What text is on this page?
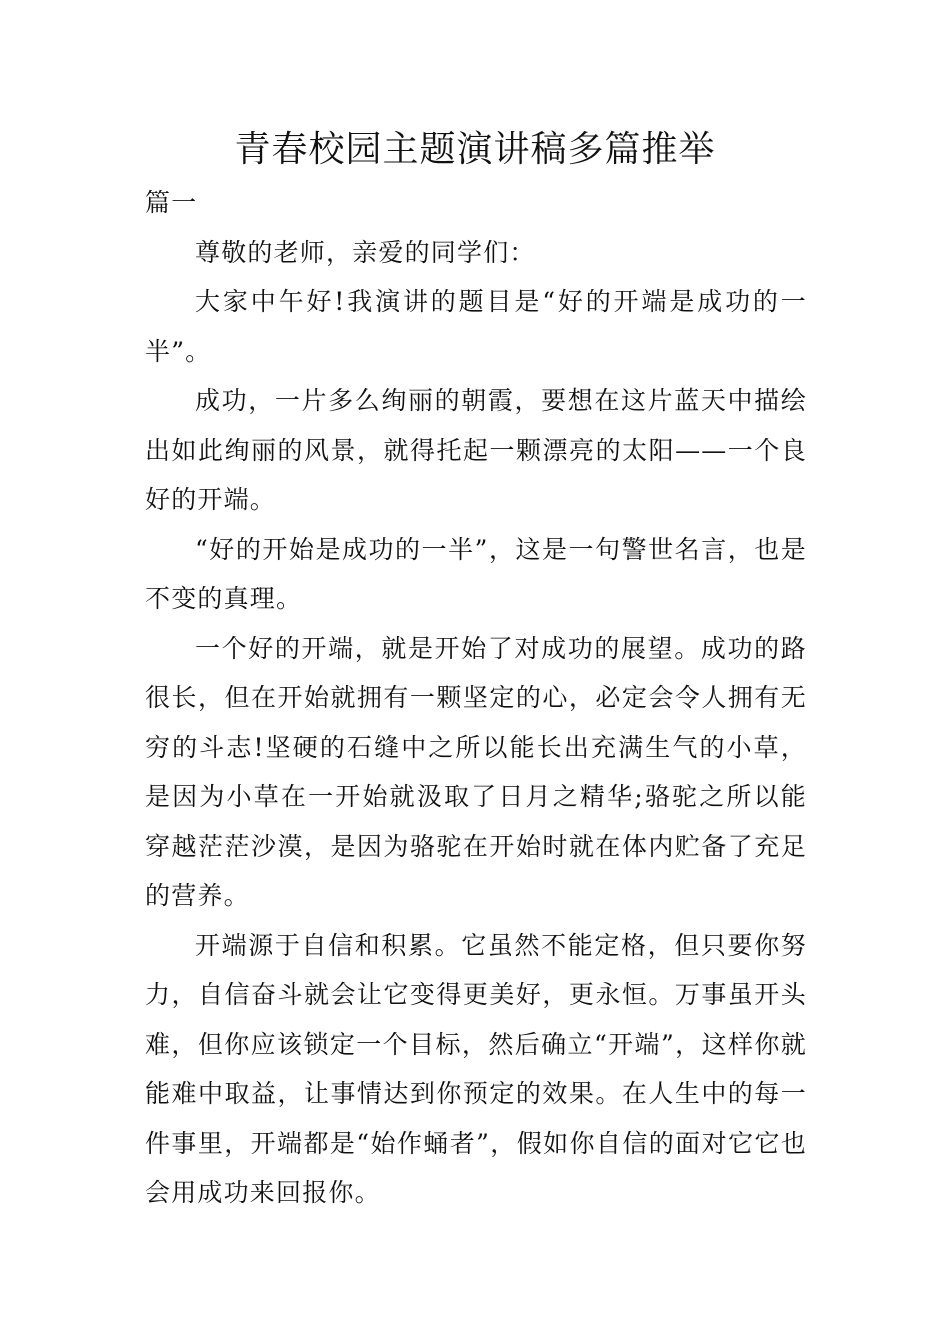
青春校园主题演讲稿多篇推举

篇一

尊敬的老师，亲爱的同学们：

大家中午好!我演讲的题目是“好的开端是成功的一半”。

成功，一片多么绚丽的朝霞，要想在这片蓝天中描绘出如此绚丽的风景，就得托起一颗漂亮的太阳——一个良好的开端。

“好的开始是成功的一半”，这是一句警世名言，也是不变的真理。

一个好的开端，就是开始了对成功的展望。成功的路很长，但在开始就拥有一颗坚定的心，必定会令人拥有无穷的斗志!坚硬的石缝中之所以能长出充满生气的小草，是因为小草在一开始就汲取了日月之精华;骆驼之所以能穿越茫茫沙漠，是因为骆驼在开始时就在体内贮备了充足的营养。

开端源于自信和积累。它虽然不能定格，但只要你努力，自信奋斗就会让它变得更美好，更永恒。万事虽开头难，但你应该锁定一个目标，然后确立“开端”，这样你就能难中取益，让事情达到你预定的效果。在人生中的每一件事里，开端都是“始作蛹者”，假如你自信的面对它它也会用成功来回报你。
